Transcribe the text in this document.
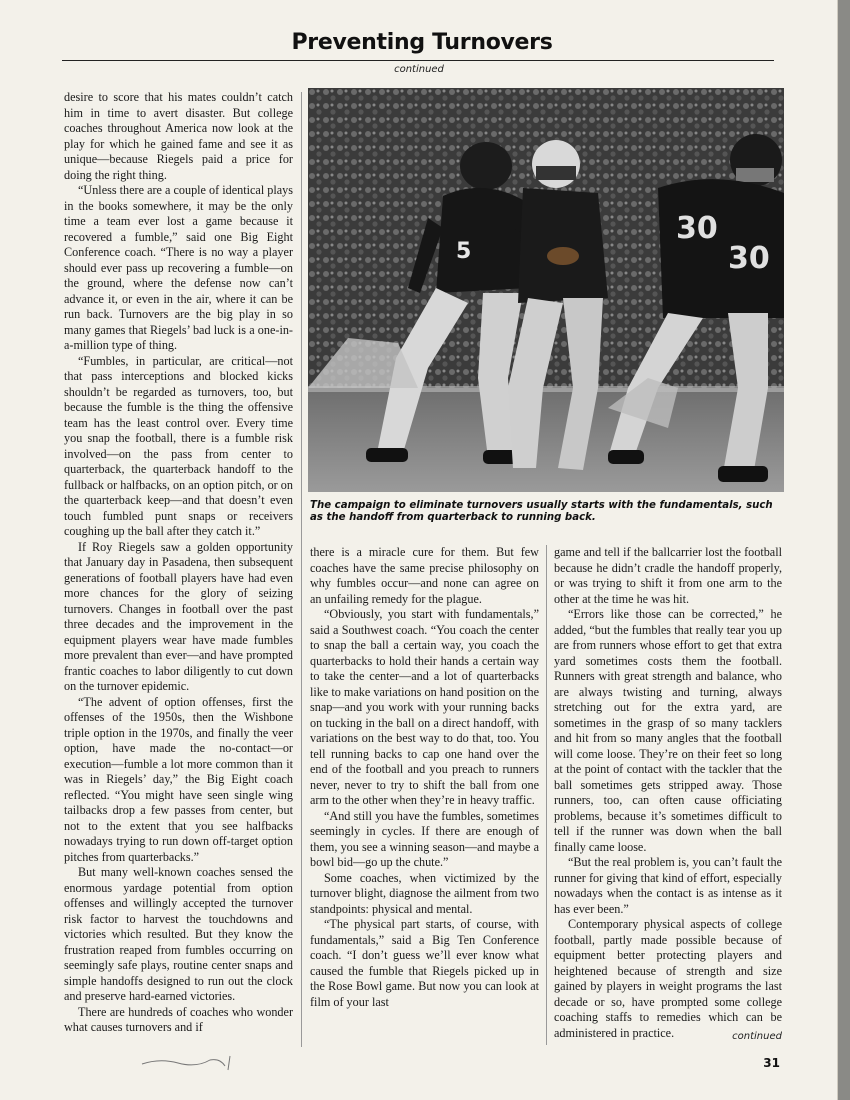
Preventing Turnovers
continued

desire to score that his mates couldn’t catch him in time to avert disaster. But college coaches throughout America now look at the play for which he gained fame and see it as unique—because Riegels paid a price for doing the right thing.

“Unless there are a couple of identical plays in the books somewhere, it may be the only time a team ever lost a game because it recovered a fumble,” said one Big Eight Conference coach. “There is no way a player should ever pass up recovering a fumble—on the ground, where the defense now can’t advance it, or even in the air, where it can be run back. Turnovers are the big play in so many games that Riegels’ bad luck is a one-in-a-million type of thing.

“Fumbles, in particular, are critical—not that pass interceptions and blocked kicks shouldn’t be regarded as turnovers, too, but because the fumble is the thing the offensive team has the least control over. Every time you snap the football, there is a fumble risk involved—on the pass from center to quarterback, the quarterback handoff to the fullback or halfbacks, on an option pitch, or on the quarterback keep—and that doesn’t even touch fumbled punt snaps or receivers coughing up the ball after they catch it.”

If Roy Riegels saw a golden opportunity that January day in Pasadena, then subsequent generations of football players have had even more chances for the glory of seizing turnovers. Changes in football over the past three decades and the improvement in the equipment players wear have made fumbles more prevalent than ever—and have prompted frantic coaches to labor diligently to cut down on the turnover epidemic.

“The advent of option offenses, first the offenses of the 1950s, then the Wishbone triple option in the 1970s, and finally the veer option, have made the no-contact—or execution—fumble a lot more common than it was in Riegels’ day,” the Big Eight coach reflected. “You might have seen single wing tailbacks drop a few passes from center, but not to the extent that you see halfbacks nowadays trying to run down off-target option pitches from quarterbacks.”

But many well-known coaches sensed the enormous yardage potential from option offenses and willingly accepted the turnover risk factor to harvest the touchdowns and victories which resulted. But they know the frustration reaped from fumbles occurring on seemingly safe plays, routine center snaps and simple handoffs designed to run out the clock and preserve hard-earned victories.

There are hundreds of coaches who wonder what causes turnovers and if

5
30
30
The campaign to eliminate turnovers usually starts with the fundamentals, such as the handoff from quarterback to running back.

there is a miracle cure for them. But few coaches have the same precise philosophy on why fumbles occur—and none can agree on an unfailing remedy for the plague.

“Obviously, you start with fundamentals,” said a Southwest coach. “You coach the center to snap the ball a certain way, you coach the quarterbacks to hold their hands a certain way to take the center—and a lot of quarterbacks like to make variations on hand position on the snap—and you work with your running backs on tucking in the ball on a direct handoff, with variations on the best way to do that, too. You tell running backs to cap one hand over the end of the football and you preach to runners never, never to try to shift the ball from one arm to the other when they’re in heavy traffic.

“And still you have the fumbles, sometimes seemingly in cycles. If there are enough of them, you see a winning season—and maybe a bowl bid—go up the chute.”

Some coaches, when victimized by the turnover blight, diagnose the ailment from two standpoints: physical and mental.

“The physical part starts, of course, with fundamentals,” said a Big Ten Conference coach. “I don’t guess we’ll ever know what caused the fumble that Riegels picked up in the Rose Bowl game. But now you can look at film of your last

game and tell if the ballcarrier lost the football because he didn’t cradle the handoff properly, or was trying to shift it from one arm to the other at the time he was hit.

“Errors like those can be corrected,” he added, “but the fumbles that really tear you up are from runners whose effort to get that extra yard sometimes costs them the football. Runners with great strength and balance, who are always twisting and turning, always stretching out for the extra yard, are sometimes in the grasp of so many tacklers and hit from so many angles that the football will come loose. They’re on their feet so long at the point of contact with the tackler that the ball sometimes gets stripped away. Those runners, too, can often cause officiating problems, because it’s sometimes difficult to tell if the runner was down when the ball finally came loose.

“But the real problem is, you can’t fault the runner for giving that kind of effort, especially nowadays when the contact is as intense as it has ever been.”

Contemporary physical aspects of college football, partly made possible because of equipment better protecting players and heightened because of strength and size gained by players in weight programs the last decade or so, have prompted some college coaching staffs to remedies which can be administered in practice.	continued
31
